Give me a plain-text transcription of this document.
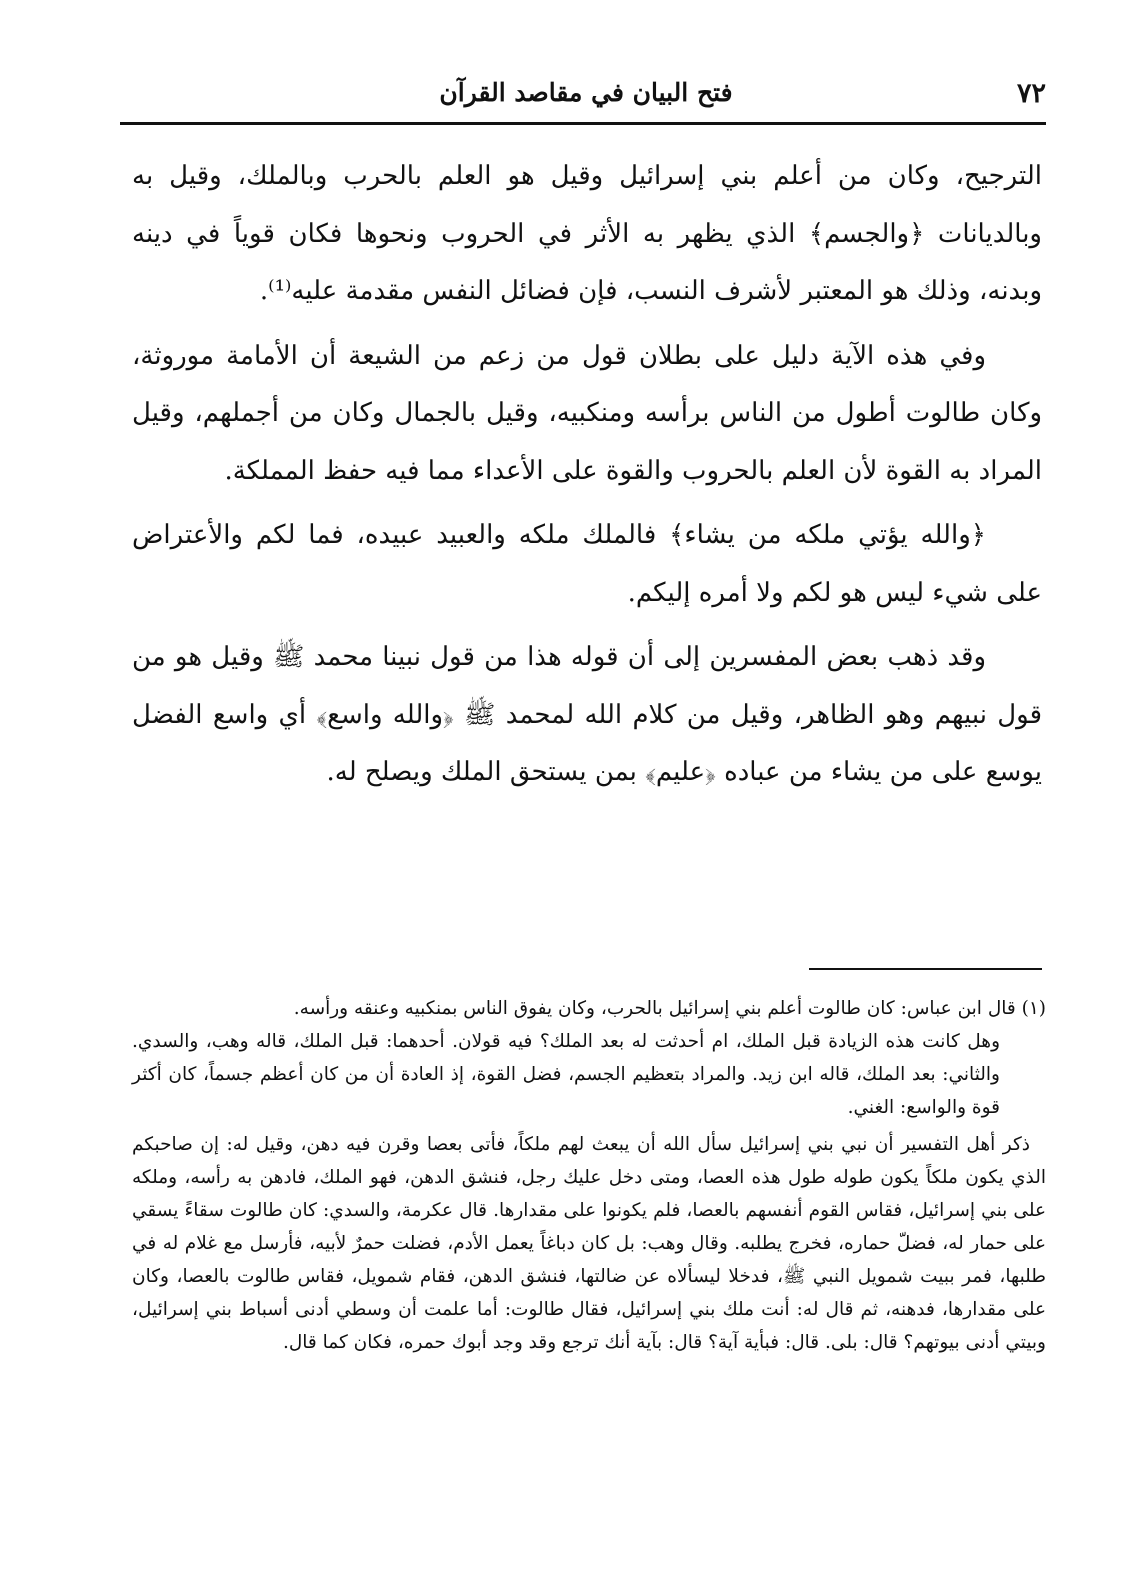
فتح البيان في مقاصد القرآن	٧٢

الترجيح، وكان من أعلم بني إسرائيل وقيل هو العلم بالحرب وبالملك، وقيل به وبالديانات ﴿والجسم﴾ الذي يظهر به الأثر في الحروب ونحوها فكان قوياً في دينه وبدنه، وذلك هو المعتبر لأشرف النسب، فإن فضائل النفس مقدمة عليه⁽¹⁾.

وفي هذه الآية دليل على بطلان قول من زعم من الشيعة أن الأمامة موروثة، وكان طالوت أطول من الناس برأسه ومنكبيه، وقيل بالجمال وكان من أجملهم، وقيل المراد به القوة لأن العلم بالحروب والقوة على الأعداء مما فيه حفظ المملكة.

﴿والله يؤتي ملكه من يشاء﴾ فالملك ملكه والعبيد عبيده، فما لكم والأعتراض على شيء ليس هو لكم ولا أمره إليكم.

وقد ذهب بعض المفسرين إلى أن قوله هذا من قول نبينا محمد ﷺ وقيل هو من قول نبيهم وهو الظاهر، وقيل من كلام الله لمحمد ﷺ ﴿والله واسع﴾ أي واسع الفضل يوسع على من يشاء من عباده ﴿عليم﴾ بمن يستحق الملك ويصلح له.

(١) قال ابن عباس: كان طالوت أعلم بني إسرائيل بالحرب، وكان يفوق الناس بمنكبيه وعنقه ورأسه.

وهل كانت هذه الزيادة قبل الملك، ام أحدثت له بعد الملك؟ فيه قولان. أحدهما: قبل الملك، قاله وهب، والسدي. والثاني: بعد الملك، قاله ابن زيد. والمراد بتعظيم الجسم، فضل القوة، إذ العادة أن من كان أعظم جسماً، كان أكثر قوة والواسع: الغني.

ذكر أهل التفسير أن نبي بني إسرائيل سأل الله أن يبعث لهم ملكاً، فأتى بعصا وقرن فيه دهن، وقيل له: إن صاحبكم الذي يكون ملكاً يكون طوله طول هذه العصا، ومتى دخل عليك رجل، فنشق الدهن، فهو الملك، فادهن به رأسه، وملكه على بني إسرائيل، فقاس القوم أنفسهم بالعصا، فلم يكونوا على مقدارها. قال عكرمة، والسدي: كان طالوت سقاءً يسقي على حمار له، فضلّ حماره، فخرج يطلبه. وقال وهب: بل كان دباغاً يعمل الأدم، فضلت حمرٌ لأبيه، فأرسل مع غلام له في طلبها، فمر ببيت شمويل النبي ﷺ، فدخلا ليسألاه عن ضالتها، فنشق الدهن، فقام شمويل، فقاس طالوت بالعصا، وكان على مقدارها، فدهنه، ثم قال له: أنت ملك بني إسرائيل، فقال طالوت: أما علمت أن وسطي أدنى أسباط بني إسرائيل، وبيتي أدنى بيوتهم؟ قال: بلى. قال: فبأية آية؟ قال: بآية أنك ترجع وقد وجد أبوك حمره، فكان كما قال.
